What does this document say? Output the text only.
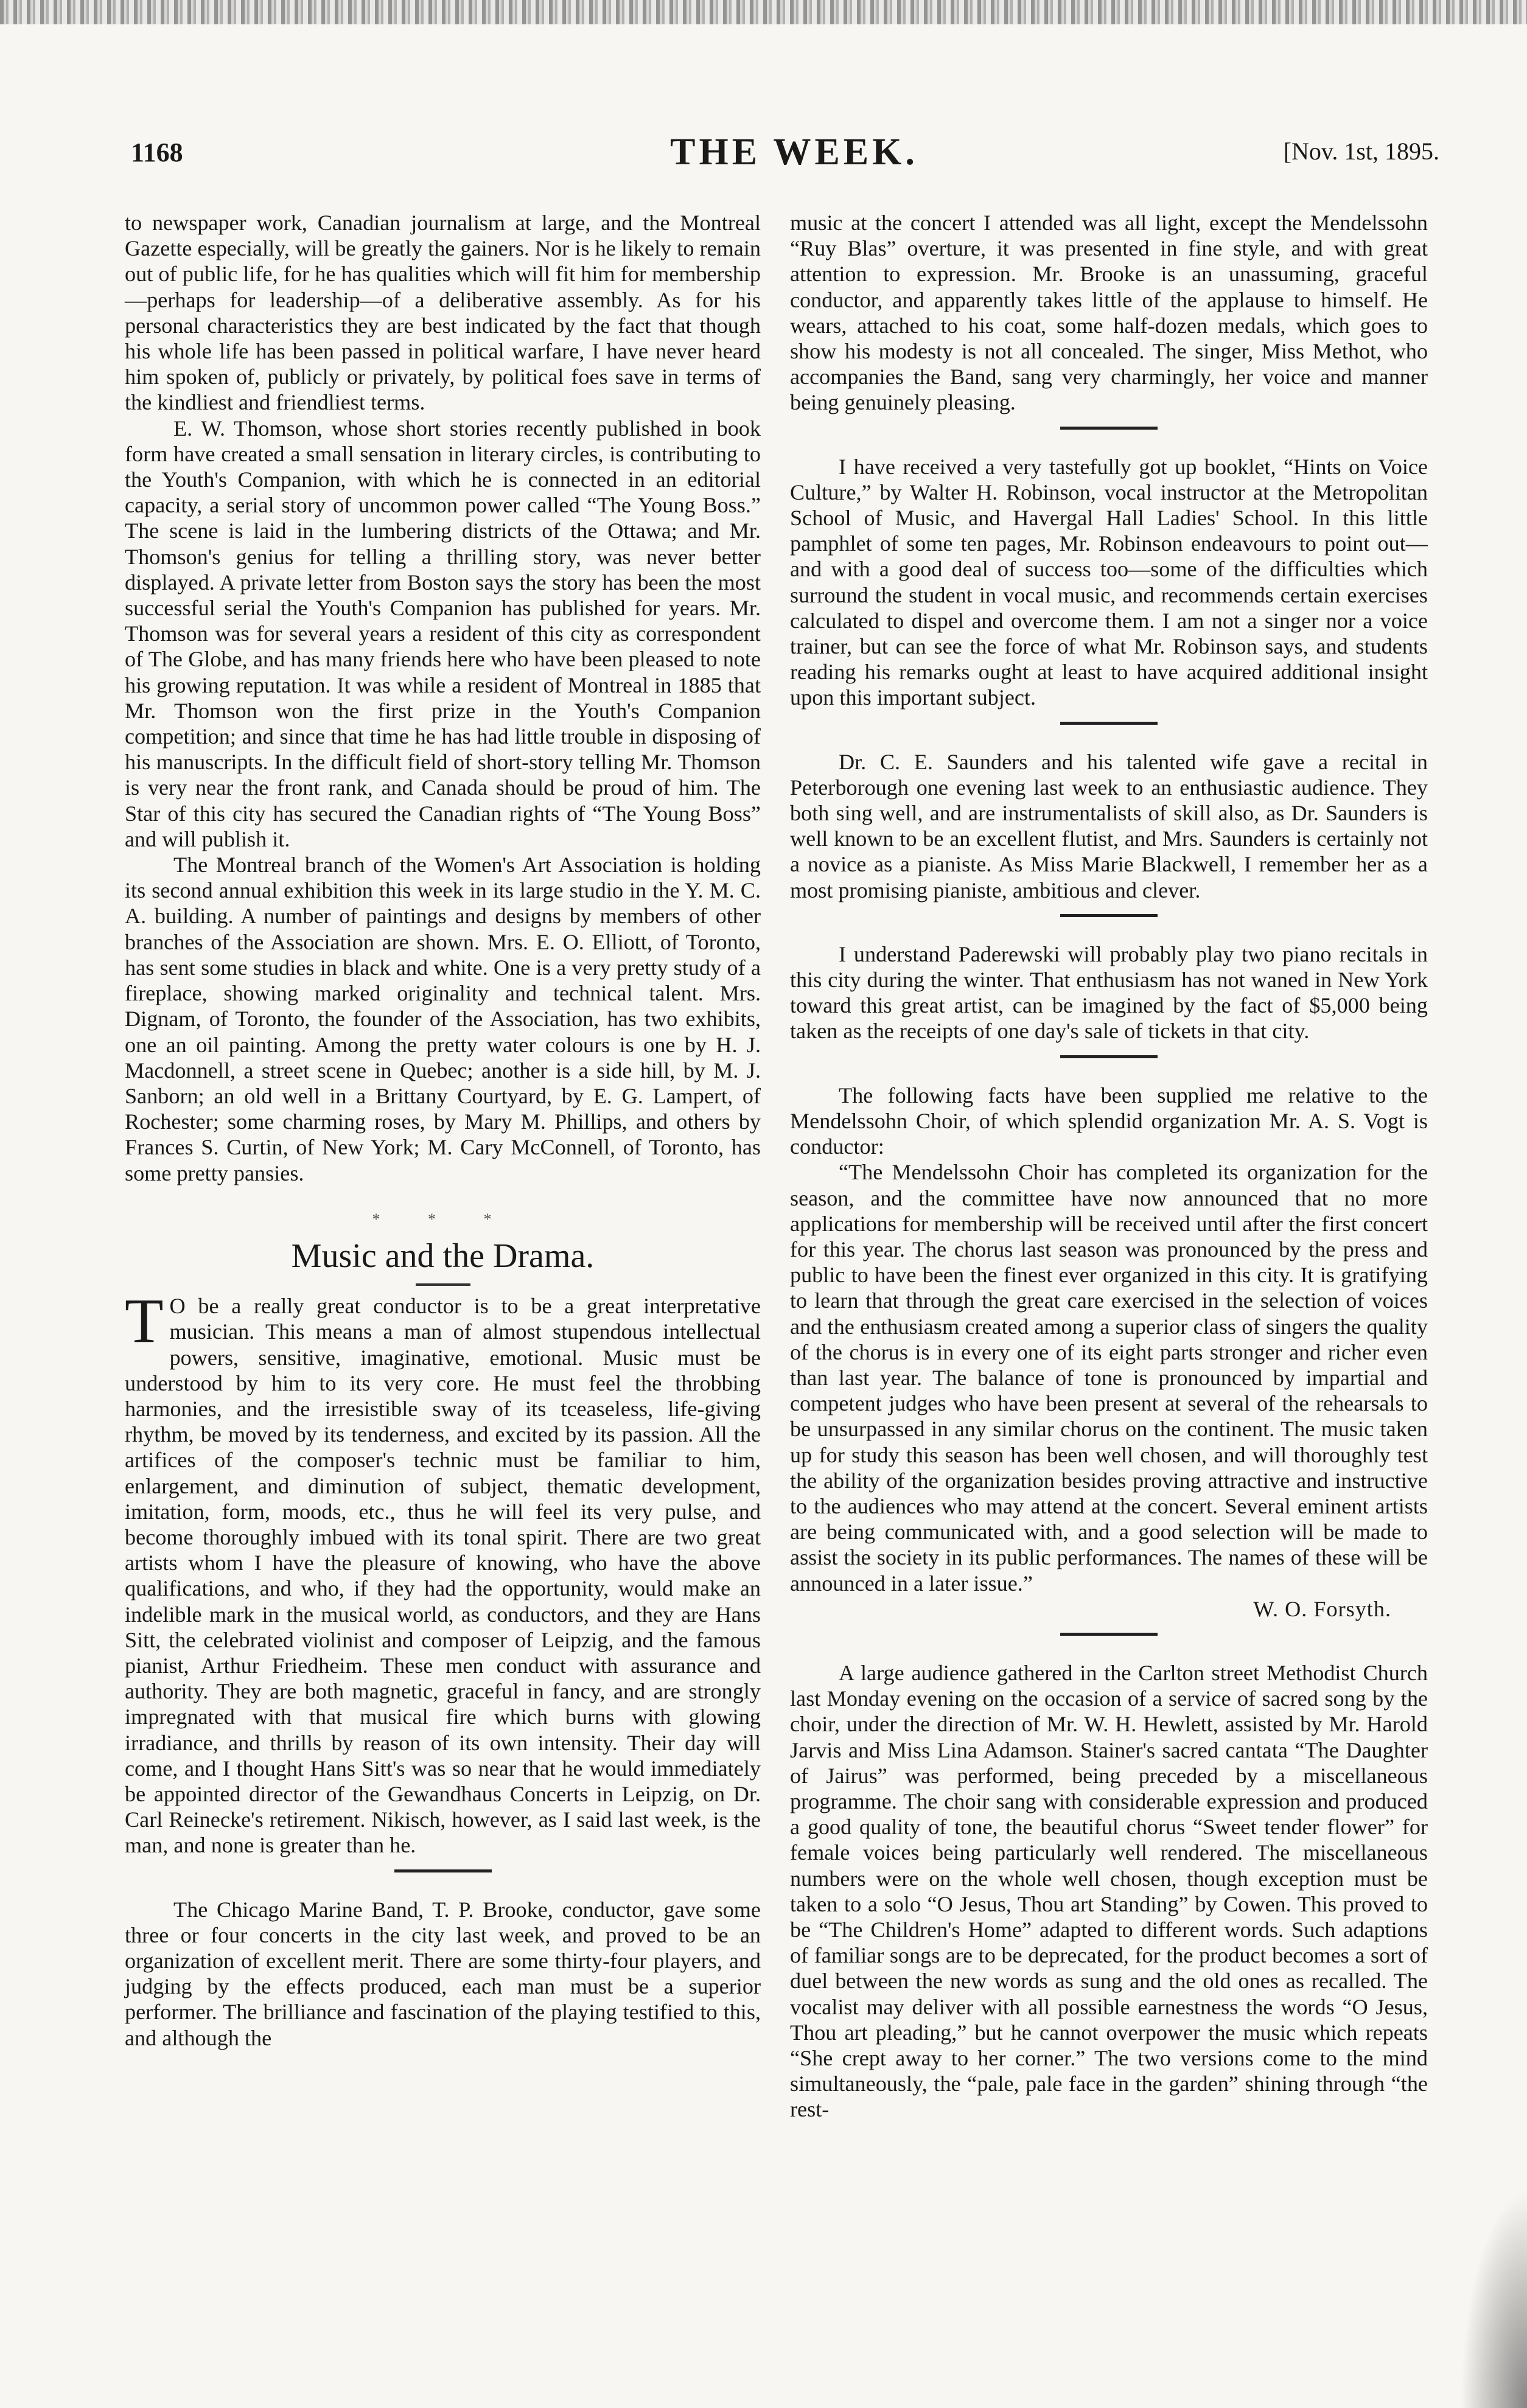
1168	THE WEEK.	[Nov. 1st, 1895.

to newspaper work, Canadian journalism at large, and the Montreal Gazette especially, will be greatly the gainers. Nor is he likely to remain out of public life, for he has qualities which will fit him for membership—perhaps for leadership—of a deliberative assembly. As for his personal characteristics they are best indicated by the fact that though his whole life has been passed in political warfare, I have never heard him spoken of, publicly or privately, by political foes save in terms of the kindliest and friendliest terms.

E. W. Thomson, whose short stories recently published in book form have created a small sensation in literary circles, is contributing to the Youth's Companion, with which he is connected in an editorial capacity, a serial story of uncommon power called “The Young Boss.” The scene is laid in the lumbering districts of the Ottawa; and Mr. Thomson's genius for telling a thrilling story, was never better displayed. A private letter from Boston says the story has been the most successful serial the Youth's Companion has published for years. Mr. Thomson was for several years a resident of this city as correspondent of The Globe, and has many friends here who have been pleased to note his growing reputation. It was while a resident of Montreal in 1885 that Mr. Thomson won the first prize in the Youth's Companion competition; and since that time he has had little trouble in disposing of his manuscripts. In the difficult field of short-story telling Mr. Thomson is very near the front rank, and Canada should be proud of him. The Star of this city has secured the Canadian rights of “The Young Boss” and will publish it.

The Montreal branch of the Women's Art Association is holding its second annual exhibition this week in its large studio in the Y. M. C. A. building. A number of paintings and designs by members of other branches of the Association are shown. Mrs. E. O. Elliott, of Toronto, has sent some studies in black and white. One is a very pretty study of a fireplace, showing marked originality and technical talent. Mrs. Dignam, of Toronto, the founder of the Association, has two exhibits, one an oil painting. Among the pretty water colours is one by H. J. Macdonnell, a street scene in Quebec; another is a side hill, by M. J. Sanborn; an old well in a Brittany Courtyard, by E. G. Lampert, of Rochester; some charming roses, by Mary M. Phillips, and others by Frances S. Curtin, of New York; M. Cary McConnell, of Toronto, has some pretty pansies.

* * *
Music and the Drama.

T O be a really great conductor is to be a great interpretative musician. This means a man of almost stupendous intellectual powers, sensitive, imaginative, emotional. Music must be understood by him to its very core. He must feel the throbbing harmonies, and the irresistible sway of its tceaseless, life-giving rhythm, be moved by its tenderness, and excited by its passion. All the artifices of the composer's technic must be familiar to him, enlargement, and diminution of subject, thematic development, imitation, form, moods, etc., thus he will feel its very pulse, and become thoroughly imbued with its tonal spirit. There are two great artists whom I have the pleasure of knowing, who have the above qualifications, and who, if they had the opportunity, would make an indelible mark in the musical world, as conductors, and they are Hans Sitt, the celebrated violinist and composer of Leipzig, and the famous pianist, Arthur Friedheim. These men conduct with assurance and authority. They are both magnetic, graceful in fancy, and are strongly impregnated with that musical fire which burns with glowing irradiance, and thrills by reason of its own intensity. Their day will come, and I thought Hans Sitt's was so near that he would immediately be appointed director of the Gewandhaus Concerts in Leipzig, on Dr. Carl Reinecke's retirement. Nikisch, however, as I said last week, is the man, and none is greater than he.

The Chicago Marine Band, T. P. Brooke, conductor, gave some three or four concerts in the city last week, and proved to be an organization of excellent merit. There are some thirty-four players, and judging by the effects produced, each man must be a superior performer. The brilliance and fascination of the playing testified to this, and although the

music at the concert I attended was all light, except the Mendelssohn “Ruy Blas” overture, it was presented in fine style, and with great attention to expression. Mr. Brooke is an unassuming, graceful conductor, and apparently takes little of the applause to himself. He wears, attached to his coat, some half-dozen medals, which goes to show his modesty is not all concealed. The singer, Miss Methot, who accompanies the Band, sang very charmingly, her voice and manner being genuinely pleasing.

I have received a very tastefully got up booklet, “Hints on Voice Culture,” by Walter H. Robinson, vocal instructor at the Metropolitan School of Music, and Havergal Hall Ladies' School. In this little pamphlet of some ten pages, Mr. Robinson endeavours to point out—and with a good deal of success too—some of the difficulties which surround the student in vocal music, and recommends certain exercises calculated to dispel and overcome them. I am not a singer nor a voice trainer, but can see the force of what Mr. Robinson says, and students reading his remarks ought at least to have acquired additional insight upon this important subject.

Dr. C. E. Saunders and his talented wife gave a recital in Peterborough one evening last week to an enthusiastic audience. They both sing well, and are instrumentalists of skill also, as Dr. Saunders is well known to be an excellent flutist, and Mrs. Saunders is certainly not a novice as a pianiste. As Miss Marie Blackwell, I remember her as a most promising pianiste, ambitious and clever.

I understand Paderewski will probably play two piano recitals in this city during the winter. That enthusiasm has not waned in New York toward this great artist, can be imagined by the fact of $5,000 being taken as the receipts of one day's sale of tickets in that city.

The following facts have been supplied me relative to the Mendelssohn Choir, of which splendid organization Mr. A. S. Vogt is conductor:

“The Mendelssohn Choir has completed its organization for the season, and the committee have now announced that no more applications for membership will be received until after the first concert for this year. The chorus last season was pronounced by the press and public to have been the finest ever organized in this city. It is gratifying to learn that through the great care exercised in the selection of voices and the enthusiasm created among a superior class of singers the quality of the chorus is in every one of its eight parts stronger and richer even than last year. The balance of tone is pronounced by impartial and competent judges who have been present at several of the rehearsals to be unsurpassed in any similar chorus on the continent. The music taken up for study this season has been well chosen, and will thoroughly test the ability of the organization besides proving attractive and instructive to the audiences who may attend at the concert. Several eminent artists are being communicated with, and a good selection will be made to assist the society in its public performances. The names of these will be announced in a later issue.”

W. O. Forsyth.

A large audience gathered in the Carlton street Methodist Church last Monday evening on the occasion of a service of sacred song by the choir, under the direction of Mr. W. H. Hewlett, assisted by Mr. Harold Jarvis and Miss Lina Adamson. Stainer's sacred cantata “The Daughter of Jairus” was performed, being preceded by a miscellaneous programme. The choir sang with considerable expression and produced a good quality of tone, the beautiful chorus “Sweet tender flower” for female voices being particularly well rendered. The miscellaneous numbers were on the whole well chosen, though exception must be taken to a solo “O Jesus, Thou art Standing” by Cowen. This proved to be “The Children's Home” adapted to different words. Such adaptions of familiar songs are to be deprecated, for the product becomes a sort of duel between the new words as sung and the old ones as recalled. The vocalist may deliver with all possible earnestness the words “O Jesus, Thou art pleading,” but he cannot overpower the music which repeats “She crept away to her corner.” The two versions come to the mind simultaneously, the “pale, pale face in the garden” shining through “the rest-
